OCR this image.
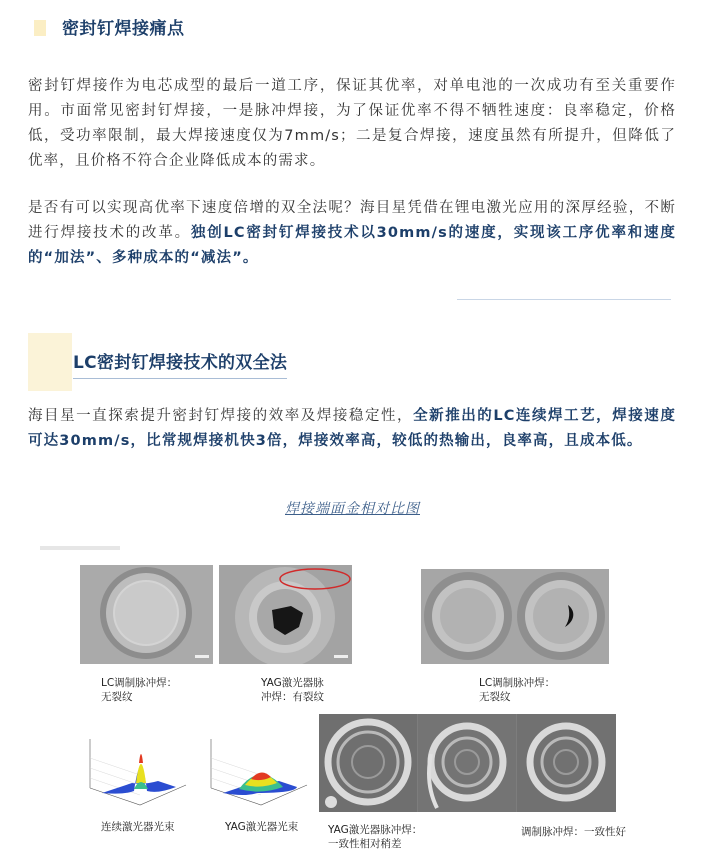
密封钉焊接痛点
密封钉焊接作为电芯成型的最后一道工序，保证其优率，对单电池的一次成功有至关重要作用。市面常见密封钉焊接，一是脉冲焊接，为了保证优率不得不牺牲速度：良率稳定，价格低，受功率限制，最大焊接速度仅为7mm/s；二是复合焊接，速度虽然有所提升，但降低了优率，且价格不符合企业降低成本的需求。
是否有可以实现高优率下速度倍增的双全法呢？海目星凭借在锂电激光应用的深厚经验，不断进行焊接技术的改革。独创LC密封钉焊接技术以30mm/s的速度，实现该工序优率和速度的“加法”、多种成本的“减法”。
LC密封钉焊接技术的双全法
海目星一直探索提升密封钉焊接的效率及焊接稳定性，全新推出的LC连续焊工艺，焊接速度可达30mm/s，比常规焊接机快3倍，焊接效率高，较低的热输出，良率高，且成本低。
焊接端面金相对比图
LC调制脉冲焊：
无裂纹
YAG激光器脉
冲焊：有裂纹
LC调制脉冲焊：
无裂纹
连续激光器光束	YAG激光器光束	YAG激光器脉冲焊：
一致性相对稍差
调制脉冲焊：一致性好
